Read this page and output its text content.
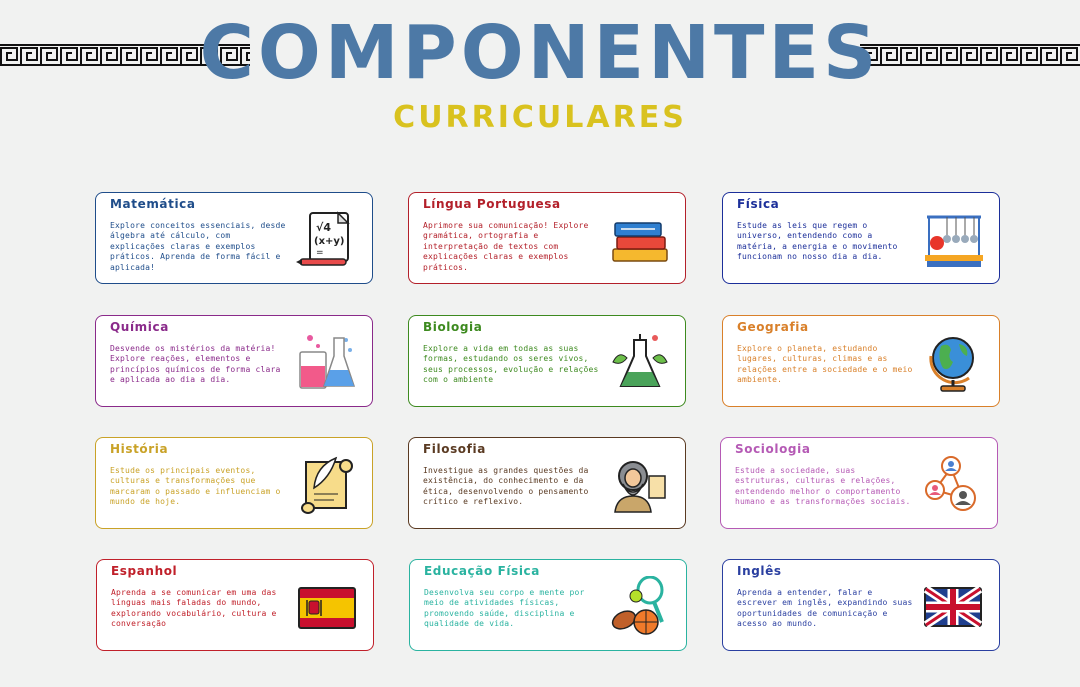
COMPONENTES
CURRICULARES
Matemática

Explore conceitos essenciais, desde álgebra até cálculo, com explicações claras e exemplos práticos. Aprenda de forma fácil e aplicada!

√4
(x+y)
=
Língua Portuguesa

Aprimore sua comunicação! Explore gramática, ortografia e interpretação de textos com explicações claras e exemplos práticos.

Física

Estude as leis que regem o universo, entendendo como a matéria, a energia e o movimento funcionam no nosso dia a dia.

Química

Desvende os mistérios da matéria! Explore reações, elementos e princípios químicos de forma clara e aplicada ao dia a dia.

Biologia

Explore a vida em todas as suas formas, estudando os seres vivos, seus processos, evolução e relações com o ambiente

Geografia

Explore o planeta, estudando lugares, culturas, climas e as relações entre a sociedade e o meio ambiente.

História

Estude os principais eventos, culturas e transformações que marcaram o passado e influenciam o mundo de hoje.

Filosofia

Investigue as grandes questões da existência, do conhecimento e da ética, desenvolvendo o pensamento crítico e reflexivo.

Sociologia

Estude a sociedade, suas estruturas, culturas e relações, entendendo melhor o comportamento humano e as transformações sociais.

Espanhol

Aprenda a se comunicar em uma das línguas mais faladas do mundo, explorando vocabulário, cultura e conversação

Educação Física

Desenvolva seu corpo e mente por meio de atividades físicas, promovendo saúde, disciplina e qualidade de vida.

Inglês

Aprenda a entender, falar e escrever em inglês, expandindo suas oportunidades de comunicação e acesso ao mundo.
